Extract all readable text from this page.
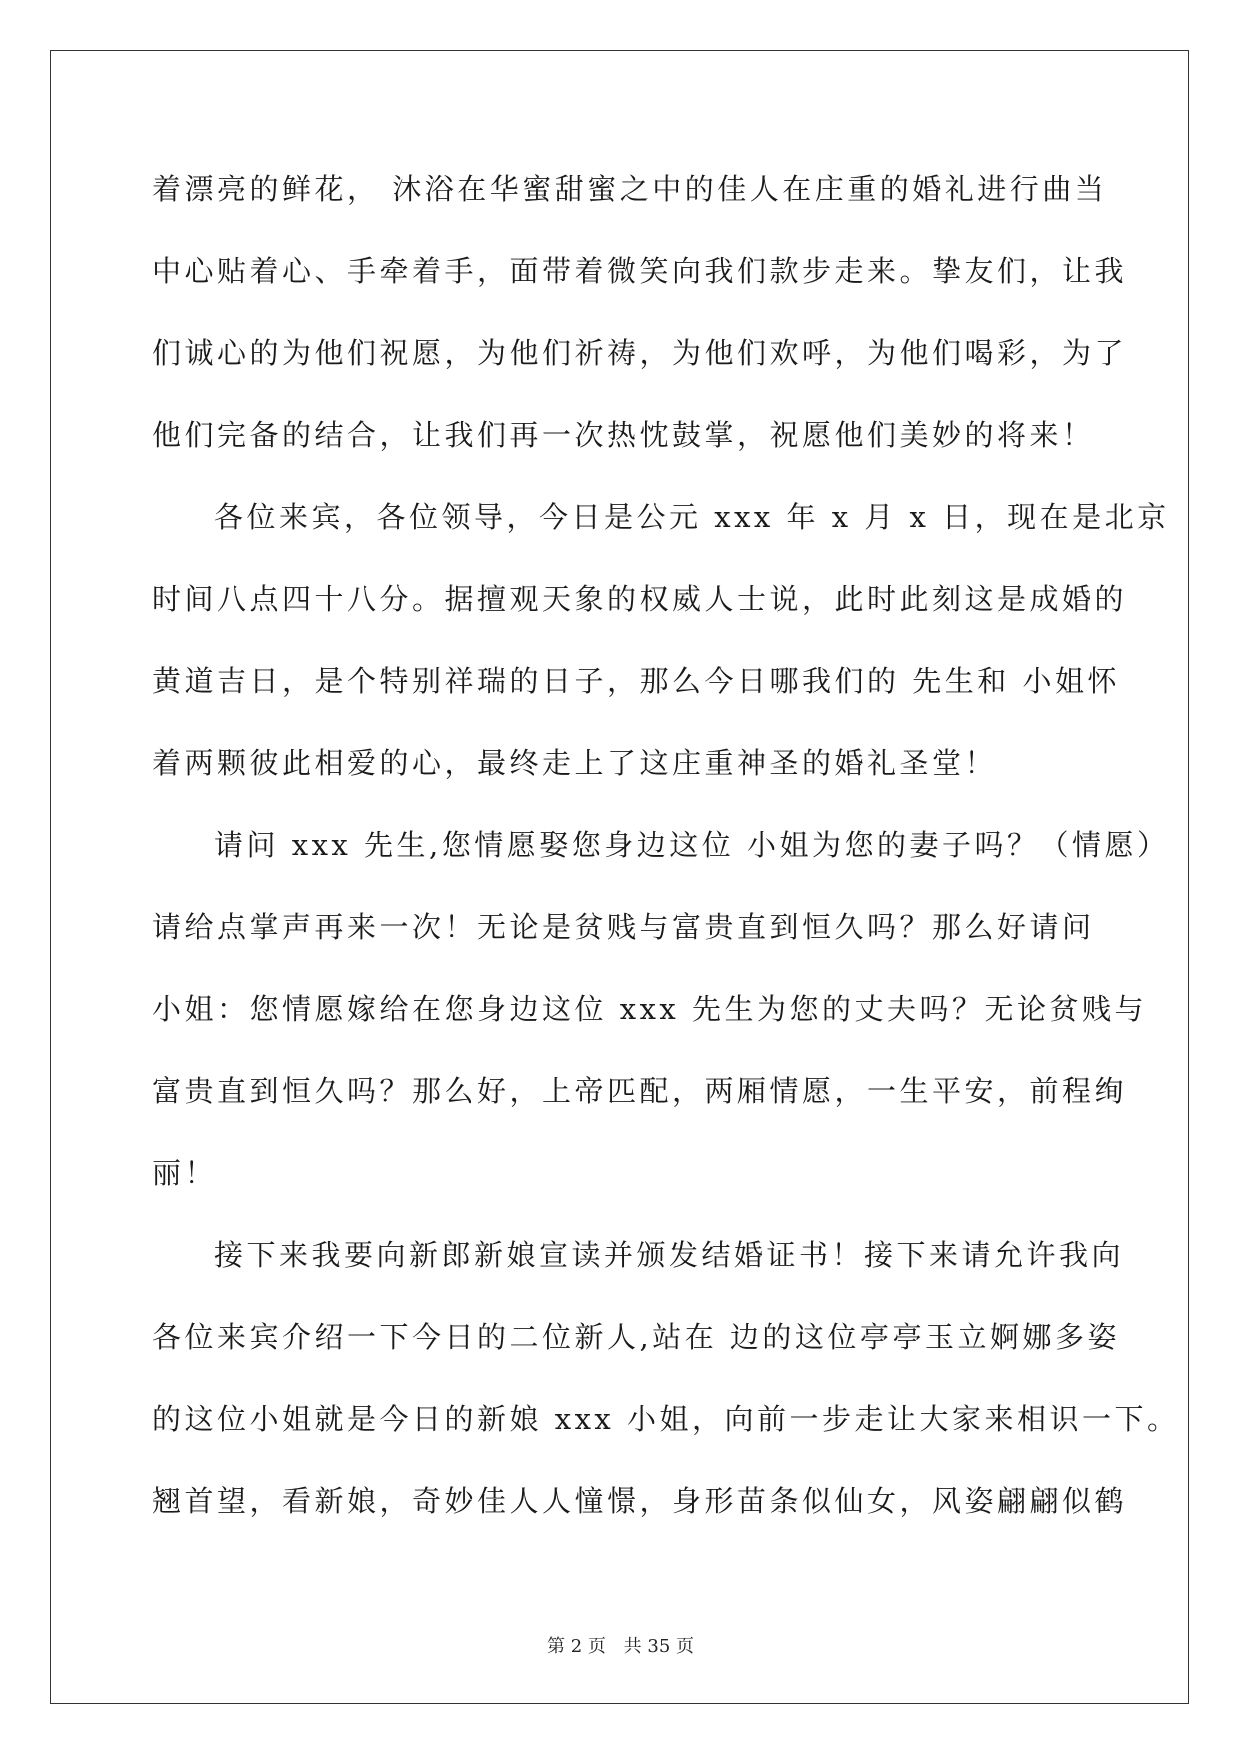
着漂亮的鲜花， 沐浴在华蜜甜蜜之中的佳人在庄重的婚礼进行曲当
中心贴着心、手牵着手，面带着微笑向我们款步走来。挚友们，让我
们诚心的为他们祝愿，为他们祈祷，为他们欢呼，为他们喝彩，为了
他们完备的结合，让我们再一次热忱鼓掌，祝愿他们美妙的将来！
各位来宾，各位领导，今日是公元 xxx 年 x 月 x 日，现在是北京
时间八点四十八分。据擅观天象的权威人士说，此时此刻这是成婚的
黄道吉日，是个特别祥瑞的日子，那么今日哪我们的 先生和 小姐怀
着两颗彼此相爱的心，最终走上了这庄重神圣的婚礼圣堂！
请问 xxx 先生,您情愿娶您身边这位 小姐为您的妻子吗？（情愿）
请给点掌声再来一次！无论是贫贱与富贵直到恒久吗？那么好请问
小姐：您情愿嫁给在您身边这位 xxx 先生为您的丈夫吗？无论贫贱与
富贵直到恒久吗？那么好，上帝匹配，两厢情愿，一生平安，前程绚
丽！
接下来我要向新郎新娘宣读并颁发结婚证书！接下来请允许我向
各位来宾介绍一下今日的二位新人,站在 边的这位亭亭玉立婀娜多姿
的这位小姐就是今日的新娘 xxx 小姐，向前一步走让大家来相识一下。
翘首望，看新娘，奇妙佳人人憧憬，身形苗条似仙女，风姿翩翩似鹤
第 2 页 共 35 页
